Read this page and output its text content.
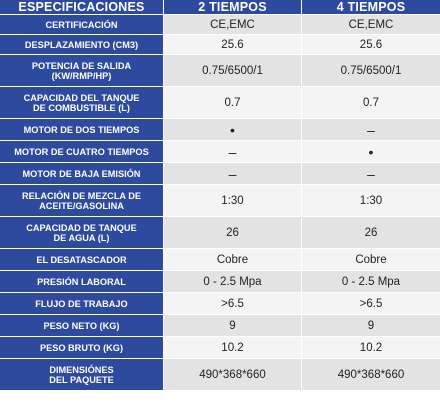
ESPECIFICACIONES	2 TIEMPOS	4 TIEMPOS
CERTIFICACIÓN	CE,EMC	CE,EMC
DESPLAZAMIENTO (CM3)	25.6	25.6
POTENCIA DE SALIDA
(KW/RMP/HP)	0.75/6500/1	0.75/6500/1
CAPACIDAD DEL TANQUE
DE COMBUSTIBLE (L)	0.7	0.7
MOTOR DE DOS TIEMPOS	•	–
MOTOR DE CUATRO TIEMPOS	–	•
MOTOR DE BAJA EMISIÓN	–	–
RELACIÓN DE MEZCLA DE
ACEITE/GASOLINA	1:30	1:30
CAPACIDAD DE TANQUE
DE AGUA (L)	26	26
EL DESATASCADOR	Cobre	Cobre
PRESIÓN LABORAL	0 - 2.5 Mpa	0 - 2.5 Mpa
FLUJO DE TRABAJO	>6.5	>6.5
PESO NETO (KG)	9	9
PESO BRUTO (KG)	10.2	10.2
DIMENSIÓNES
DEL PAQUETE	490*368*660	490*368*660
